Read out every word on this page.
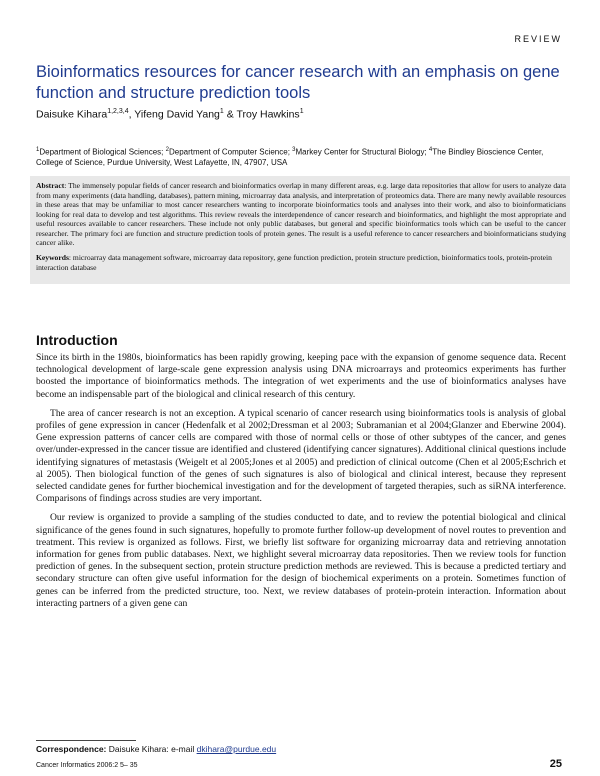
REVIEW
Bioinformatics resources for cancer research with an emphasis on gene function and structure prediction tools
Daisuke Kihara$^{1,2,3,4}$, Yifeng David Yang$^1$ & Troy Hawkins$^1$
$^1$Department of Biological Sciences; $^2$Department of Computer Science; $^3$Markey Center for Structural Biology; $^4$The Bindley Bioscience Center, College of Science, Purdue University, West Lafayette, IN, 47907, USA
Abstract: The immensely popular fields of cancer research and bioinformatics overlap in many different areas, e.g. large data repositories that allow for users to analyze data from many experiments (data handling, databases), pattern mining, microarray data analysis, and interpretation of proteomics data. There are many newly available resources in these areas that may be unfamiliar to most cancer researchers wanting to incorporate bioinformatics tools and analyses into their work, and also to bioinformaticians looking for real data to develop and test algorithms. This review reveals the interdependence of cancer research and bioinformatics, and highlight the most appropriate and useful resources available to cancer researchers. These include not only public databases, but general and specific bioinformatics tools which can be useful to the cancer researcher. The primary foci are function and structure prediction tools of protein genes. The result is a useful reference to cancer researchers and bioinformaticians studying cancer alike.
Keywords: microarray data management software, microarray data repository, gene function prediction, protein structure prediction, bioinformatics tools, protein-protein interaction database
Introduction

Since its birth in the 1980s, bioinformatics has been rapidly growing, keeping pace with the expansion of genome sequence data. Recent technological development of large-scale gene expression analysis using DNA microarrays and proteomics experiments has further boosted the importance of bioinformatics methods. The integration of wet experiments and the use of bioinformatics analyses have become an indispensable part of the biological and clinical research of this century.

The area of cancer research is not an exception. A typical scenario of cancer research using bioinformatics tools is analysis of global profiles of gene expression in cancer (Hedenfalk et al 2002;Dressman et al 2003; Subramanian et al 2004;Glanzer and Eberwine 2004). Gene expression patterns of cancer cells are compared with those of normal cells or those of other subtypes of the cancer, and genes over/under-expressed in the cancer tissue are identified and clustered (identifying cancer signatures). Additional clinical questions include identifying signatures of metastasis (Weigelt et al 2005;Jones et al 2005) and prediction of clinical outcome (Chen et al 2005;Eschrich et al 2005). Then biological function of the genes of such signatures is also of biological and clinical interest, because they represent selected candidate genes for further biochemical investigation and for the development of targeted therapies, such as siRNA interference. Comparisons of findings across studies are very important.

Our review is organized to provide a sampling of the studies conducted to date, and to review the potential biological and clinical significance of the genes found in such signatures, hopefully to promote further follow-up development of novel routes to prevention and treatment. This review is organized as follows. First, we briefly list software for organizing microarray data and retrieving annotation information for genes from public databases. Next, we highlight several microarray data repositories. Then we review tools for function prediction of genes. In the subsequent section, protein structure prediction methods are reviewed. This is because a predicted tertiary and secondary structure can often give useful information for the design of biochemical experiments on a protein. Sometimes function of genes can be inferred from the predicted structure, too. Next, we review databases of protein-protein interaction. Information about interacting partners of a given gene can

Correspondence: Daisuke Kihara: e-mail dkihara@purdue.edu
Cancer Informatics 2006:2 5– 35	25
